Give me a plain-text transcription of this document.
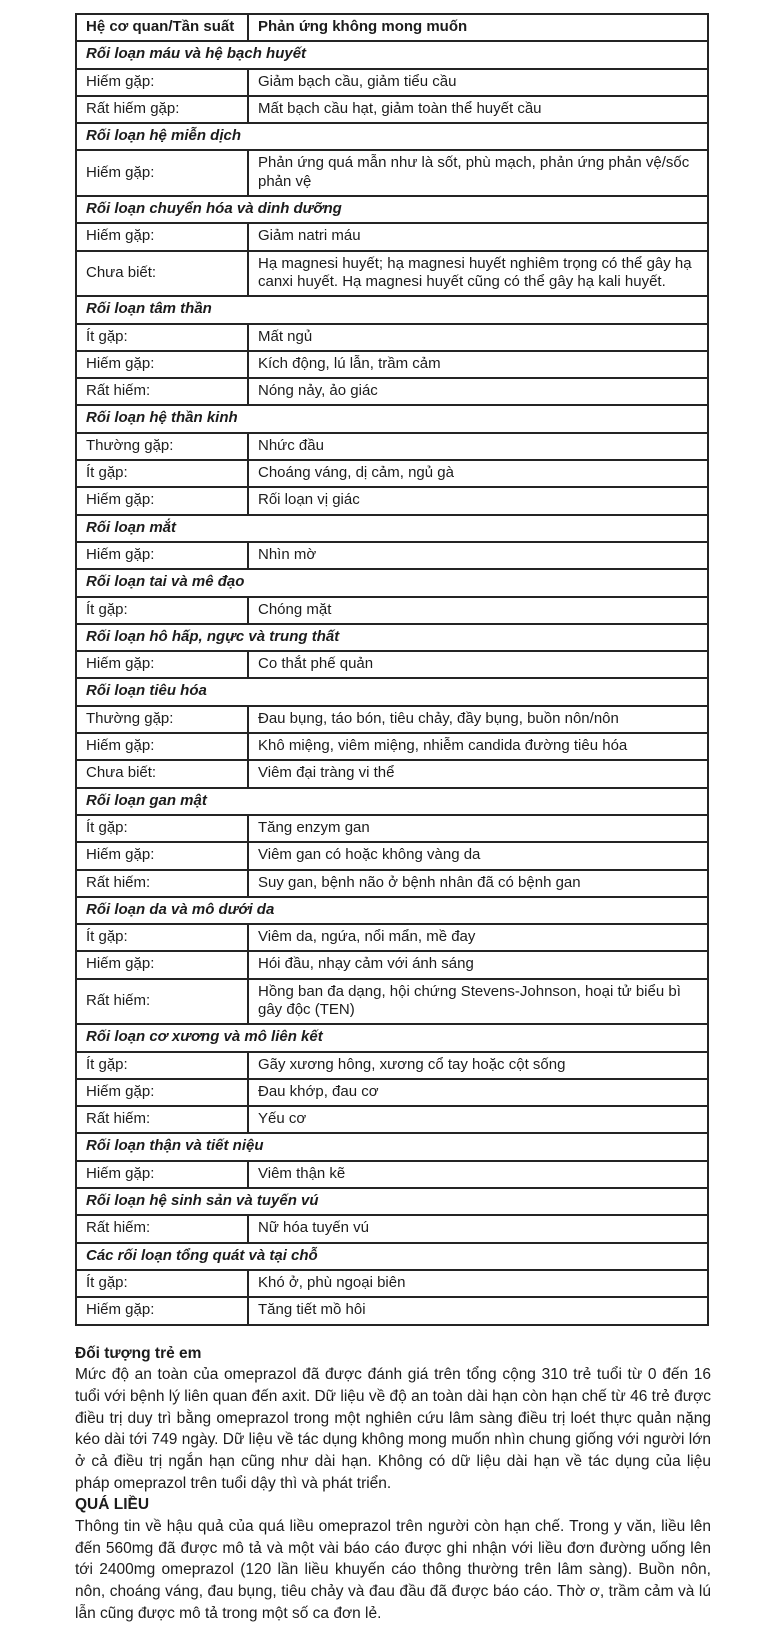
Hệ cơ quan/Tần suất	Phản ứng không mong muốn
Rối loạn máu và hệ bạch huyết	
Hiếm gặp:	Giảm bạch cầu, giảm tiểu cầu
Rất hiếm gặp:	Mất bạch cầu hạt, giảm toàn thể huyết cầu
Rối loạn hệ miễn dịch	
Hiếm gặp:	Phản ứng quá mẫn như là sốt, phù mạch, phản ứng phản vệ/sốc phản vệ
Rối loạn chuyển hóa và dinh dưỡng	
Hiếm gặp:	Giảm natri máu
Chưa biết:	Hạ magnesi huyết; hạ magnesi huyết nghiêm trọng có thể gây hạ canxi huyết. Hạ magnesi huyết cũng có thể gây hạ kali huyết.
Rối loạn tâm thần	
Ít gặp:	Mất ngủ
Hiếm gặp:	Kích động, lú lẫn, trầm cảm
Rất hiếm:	Nóng nảy, ảo giác
Rối loạn hệ thần kinh	
Thường gặp:	Nhức đầu
Ít gặp:	Choáng váng, dị cảm, ngủ gà
Hiếm gặp:	Rối loạn vị giác
Rối loạn mắt	
Hiếm gặp:	Nhìn mờ
Rối loạn tai và mê đạo	
Ít gặp:	Chóng mặt
Rối loạn hô hấp, ngực và trung thất	
Hiếm gặp:	Co thắt phế quản
Rối loạn tiêu hóa	
Thường gặp:	Đau bụng, táo bón, tiêu chảy, đầy bụng, buồn nôn/nôn
Hiếm gặp:	Khô miệng, viêm miệng, nhiễm candida đường tiêu hóa
Chưa biết:	Viêm đại tràng vi thể
Rối loạn gan mật	
Ít gặp:	Tăng enzym gan
Hiếm gặp:	Viêm gan có hoặc không vàng da
Rất hiếm:	Suy gan, bệnh não ở bệnh nhân đã có bệnh gan
Rối loạn da và mô dưới da	
Ít gặp:	Viêm da, ngứa, nổi mẩn, mề đay
Hiếm gặp:	Hói đầu, nhạy cảm với ánh sáng
Rất hiếm:	Hồng ban đa dạng, hội chứng Stevens-Johnson, hoại tử biểu bì gây độc (TEN)
Rối loạn cơ xương và mô liên kết	
Ít gặp:	Gãy xương hông, xương cổ tay hoặc cột sống
Hiếm gặp:	Đau khớp, đau cơ
Rất hiếm:	Yếu cơ
Rối loạn thận và tiết niệu	
Hiếm gặp:	Viêm thận kẽ
Rối loạn hệ sinh sản và tuyến vú	
Rất hiếm:	Nữ hóa tuyến vú
Các rối loạn tổng quát và tại chỗ	
Ít gặp:	Khó ở, phù ngoại biên
Hiếm gặp:	Tăng tiết mồ hôi

Đối tượng trẻ em

Mức độ an toàn của omeprazol đã được đánh giá trên tổng cộng 310 trẻ tuổi từ 0 đến 16 tuổi với bệnh lý liên quan đến axit. Dữ liệu về độ an toàn dài hạn còn hạn chế từ 46 trẻ được điều trị duy trì bằng omeprazol trong một nghiên cứu lâm sàng điều trị loét thực quản nặng kéo dài tới 749 ngày. Dữ liệu về tác dụng không mong muốn nhìn chung giống với người lớn ở cả điều trị ngắn hạn cũng như dài hạn. Không có dữ liệu dài hạn về tác dụng của liệu pháp omeprazol trên tuổi dậy thì và phát triển.

QUÁ LIỀU

Thông tin về hậu quả của quá liều omeprazol trên người còn hạn chế. Trong y văn, liều lên đến 560mg đã được mô tả và một vài báo cáo được ghi nhận với liều đơn đường uống lên tới 2400mg omeprazol (120 lần liều khuyến cáo thông thường trên lâm sàng). Buồn nôn, nôn, choáng váng, đau bụng, tiêu chảy và đau đầu đã được báo cáo. Thờ ơ, trầm cảm và lú lẫn cũng được mô tả trong một số ca đơn lẻ.
